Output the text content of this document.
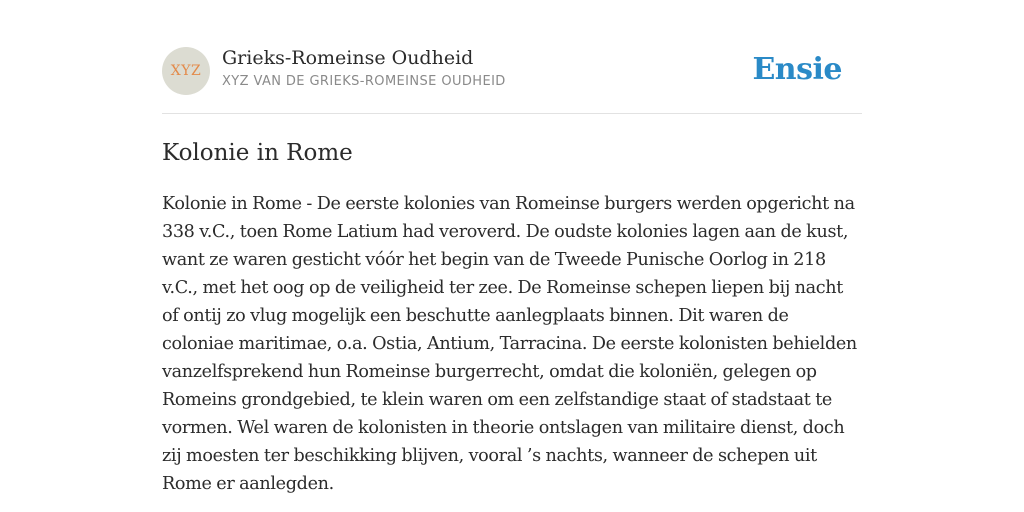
XYZ
Grieks-Romeinse Oudheid
XYZ VAN DE GRIEKS-ROMEINSE OUDHEID	Ensie
Kolonie in Rome

Kolonie in Rome - De eerste kolonies van Romeinse burgers werden opgericht na 338 v.C., toen Rome Latium had veroverd. De oudste kolonies lagen aan de kust, want ze waren gesticht vóór het begin van de Tweede Punische Oorlog in 218 v.C., met het oog op de veiligheid ter zee. De Romeinse schepen liepen bij nacht of ontij zo vlug mogelijk een beschutte aanlegplaats binnen. Dit waren de coloniae maritimae, o.a. Ostia, Antium, Tarracina. De eerste kolonisten behielden vanzelfsprekend hun Romeinse burgerrecht, omdat die koloniën, gelegen op Romeins grondgebied, te klein waren om een zelfstandige staat of stadstaat te vormen. Wel waren de kolonisten in theorie ontslagen van militaire dienst, doch zij moesten ter beschikking blijven, vooral ’s nachts, wanneer de schepen uit Rome er aanlegden.
